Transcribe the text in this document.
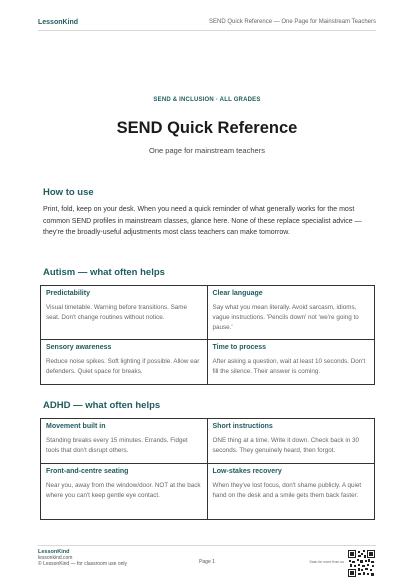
LessonKind	SEND Quick Reference — One Page for Mainstream Teachers
SEND & INCLUSION · ALL GRADES
SEND Quick Reference
One page for mainstream teachers
How to use

Print, fold, keep on your desk. When you need a quick reminder of what generally works for the most common SEND profiles in mainstream classes, glance here. None of these replace specialist advice — they're the broadly-useful adjustments most class teachers can make tomorrow.

Autism — what often helps
Predictability
Visual timetable. Warning before transitions. Same seat. Don't change routines without notice.
Clear language
Say what you mean literally. Avoid sarcasm, idioms, vague instructions. 'Pencils down' not 'we're going to pause.'
Sensory awareness
Reduce noise spikes. Soft lighting if possible. Allow ear defenders. Quiet space for breaks.
Time to process
After asking a question, wait at least 10 seconds. Don't fill the silence. Their answer is coming.
ADHD — what often helps
Movement built in
Standing breaks every 15 minutes. Errands. Fidget tools that don't disrupt others.
Short instructions
ONE thing at a time. Write it down. Check back in 30 seconds. They genuinely heard, then forgot.
Front-and-centre seating
Near you, away from the window/door. NOT at the back where you can't keep gentle eye contact.
Low-stakes recovery
When they've lost focus, don't shame publicly. A quiet hand on the desk and a smile gets them back faster.
LessonKind
lessonkind.com
© LessonKind — for classroom use only	Page 1	Scan for more from us
